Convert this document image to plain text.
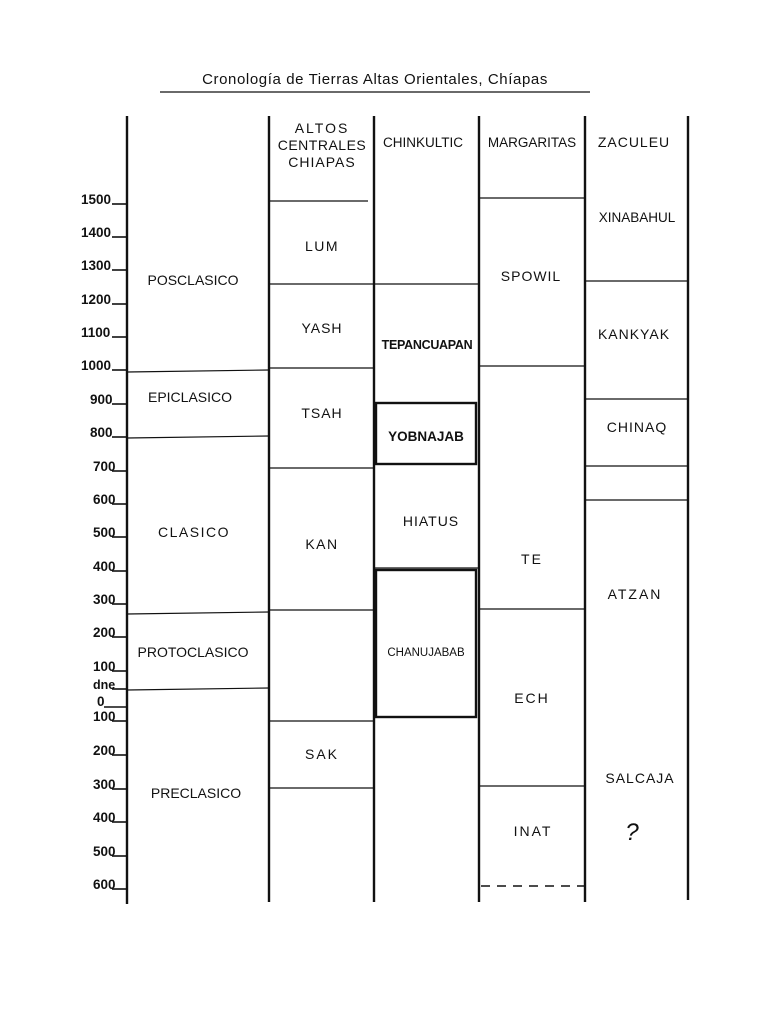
Cronología de Tierras Altas Orientales, Chíapas
ALTOS
CENTRALES
CHIAPAS
CHINKULTIC MARGARITAS ZACULEU
1500
1400
1300
1200
1100
1000
900
800
700
600
500
400
300
200
100
dne
0
100
200
300
400
500
600
POSCLASICO
EPICLASICO
CLASICO
PROTOCLASICO
PRECLASICO
LUM
YASH
TSAH
KAN
SAK
TEPANCUAPAN
YOBNAJAB
HIATUS
CHANUJABAB
SPOWIL
TE
ECH
INAT
XINABAHUL
KANKYAK
CHINAQ
ATZAN
SALCAJA
?
